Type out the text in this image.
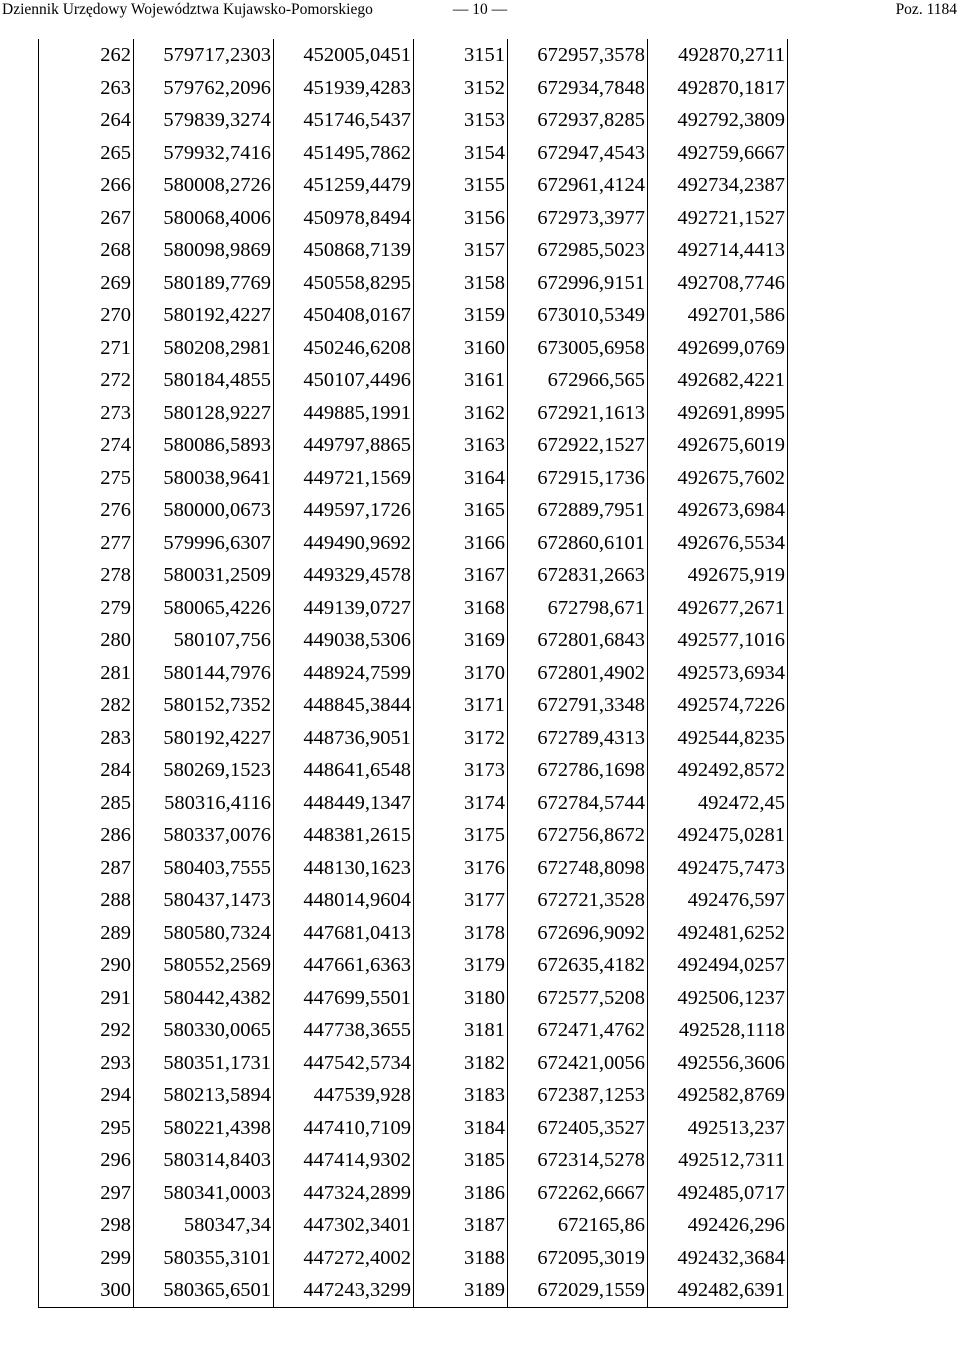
Dziennik Urzędowy Województwa Kujawsko-Pomorskiego	— 10 —	Poz. 1184
262	579717,2303	452005,0451	3151	672957,3578	492870,2711
263	579762,2096	451939,4283	3152	672934,7848	492870,1817
264	579839,3274	451746,5437	3153	672937,8285	492792,3809
265	579932,7416	451495,7862	3154	672947,4543	492759,6667
266	580008,2726	451259,4479	3155	672961,4124	492734,2387
267	580068,4006	450978,8494	3156	672973,3977	492721,1527
268	580098,9869	450868,7139	3157	672985,5023	492714,4413
269	580189,7769	450558,8295	3158	672996,9151	492708,7746
270	580192,4227	450408,0167	3159	673010,5349	492701,586
271	580208,2981	450246,6208	3160	673005,6958	492699,0769
272	580184,4855	450107,4496	3161	672966,565	492682,4221
273	580128,9227	449885,1991	3162	672921,1613	492691,8995
274	580086,5893	449797,8865	3163	672922,1527	492675,6019
275	580038,9641	449721,1569	3164	672915,1736	492675,7602
276	580000,0673	449597,1726	3165	672889,7951	492673,6984
277	579996,6307	449490,9692	3166	672860,6101	492676,5534
278	580031,2509	449329,4578	3167	672831,2663	492675,919
279	580065,4226	449139,0727	3168	672798,671	492677,2671
280	580107,756	449038,5306	3169	672801,6843	492577,1016
281	580144,7976	448924,7599	3170	672801,4902	492573,6934
282	580152,7352	448845,3844	3171	672791,3348	492574,7226
283	580192,4227	448736,9051	3172	672789,4313	492544,8235
284	580269,1523	448641,6548	3173	672786,1698	492492,8572
285	580316,4116	448449,1347	3174	672784,5744	492472,45
286	580337,0076	448381,2615	3175	672756,8672	492475,0281
287	580403,7555	448130,1623	3176	672748,8098	492475,7473
288	580437,1473	448014,9604	3177	672721,3528	492476,597
289	580580,7324	447681,0413	3178	672696,9092	492481,6252
290	580552,2569	447661,6363	3179	672635,4182	492494,0257
291	580442,4382	447699,5501	3180	672577,5208	492506,1237
292	580330,0065	447738,3655	3181	672471,4762	492528,1118
293	580351,1731	447542,5734	3182	672421,0056	492556,3606
294	580213,5894	447539,928	3183	672387,1253	492582,8769
295	580221,4398	447410,7109	3184	672405,3527	492513,237
296	580314,8403	447414,9302	3185	672314,5278	492512,7311
297	580341,0003	447324,2899	3186	672262,6667	492485,0717
298	580347,34	447302,3401	3187	672165,86	492426,296
299	580355,3101	447272,4002	3188	672095,3019	492432,3684
300	580365,6501	447243,3299	3189	672029,1559	492482,6391
